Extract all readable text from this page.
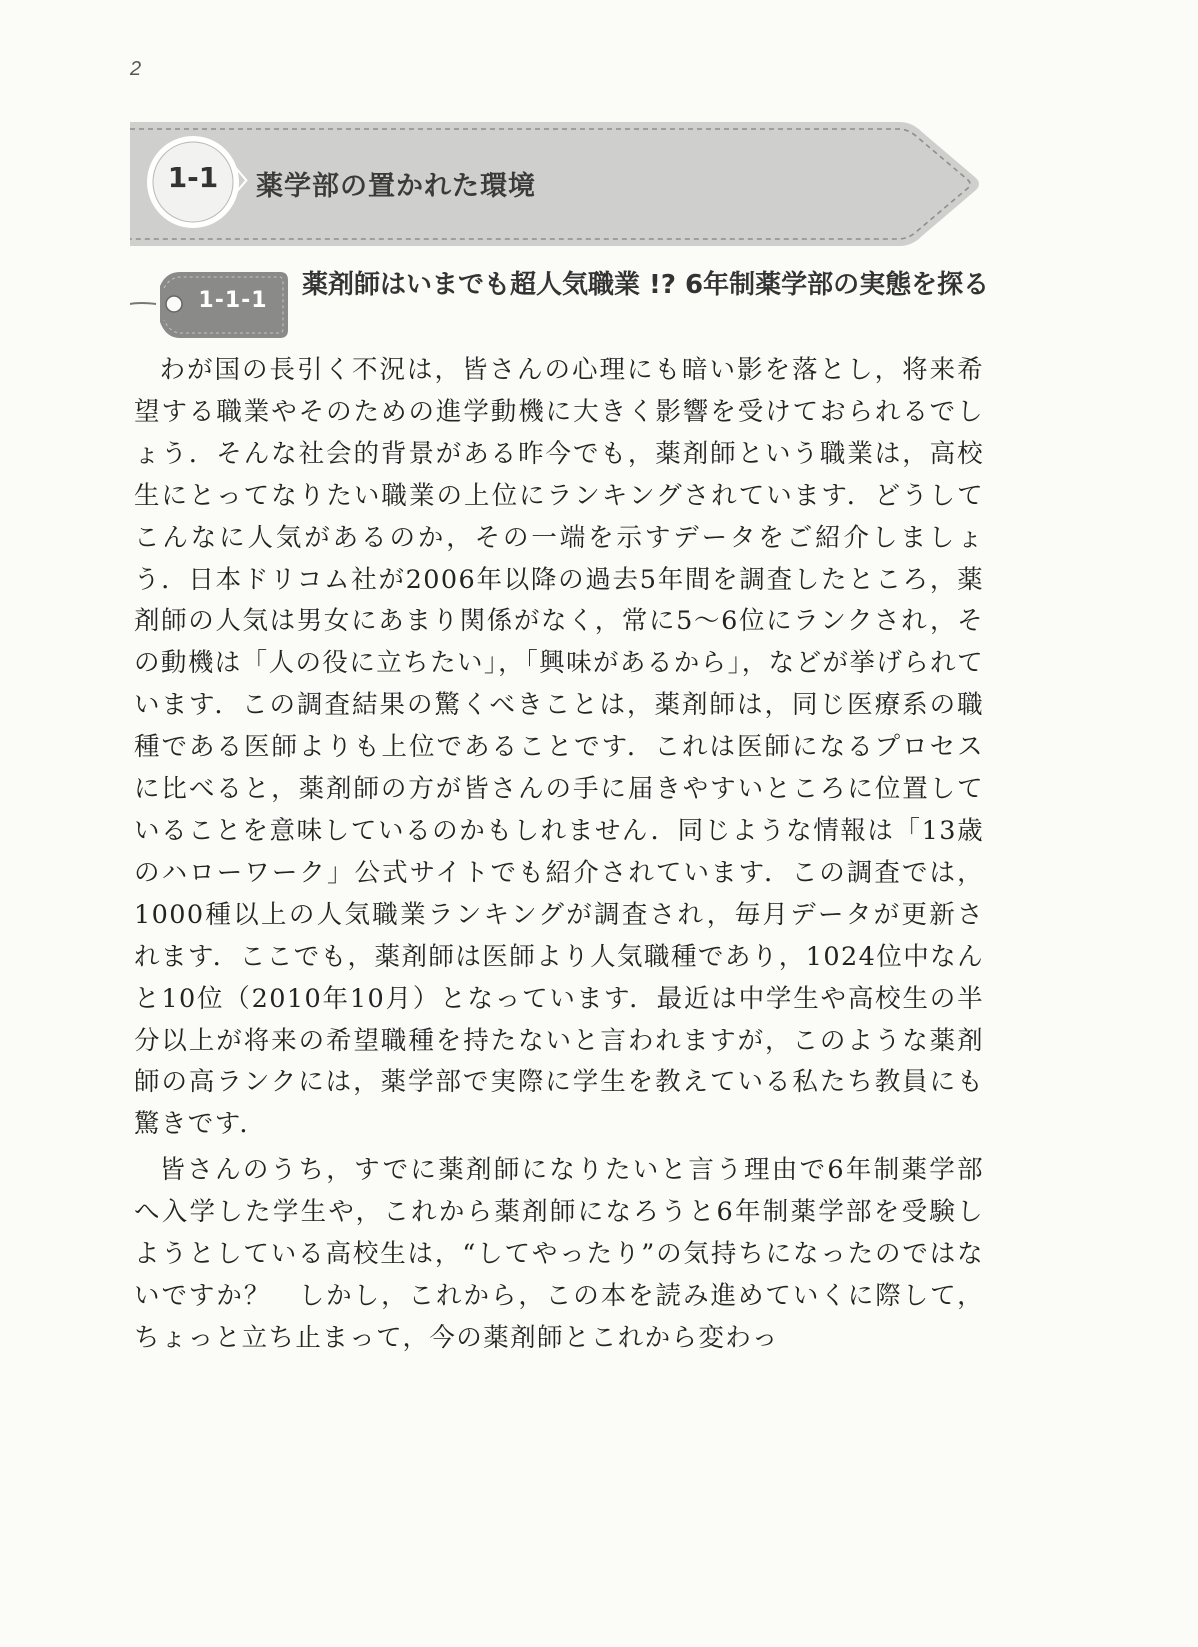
2
1-1 〉
薬学部の置かれた環境
1-1-1
薬剤師はいまでも超人気職業 !? 6年制薬学部の実態を探る

わが国の長引く不況は，皆さんの心理にも暗い影を落とし，将来希望する職業やそのための進学動機に大きく影響を受けておられるでしょう．そんな社会的背景がある昨今でも，薬剤師という職業は，高校生にとってなりたい職業の上位にランキングされています．どうしてこんなに人気があるのか，その一端を示すデータをご紹介しましょう．日本ドリコム社が2006年以降の過去5年間を調査したところ，薬剤師の人気は男女にあまり関係がなく，常に5〜6位にランクされ，その動機は「人の役に立ちたい」，「興味があるから」，などが挙げられています．この調査結果の驚くべきことは，薬剤師は，同じ医療系の職種である医師よりも上位であることです．これは医師になるプロセスに比べると，薬剤師の方が皆さんの手に届きやすいところに位置していることを意味しているのかもしれません．同じような情報は「13歳のハローワーク」公式サイトでも紹介されています．この調査では，1000種以上の人気職業ランキングが調査され，毎月データが更新されます．ここでも，薬剤師は医師より人気職種であり，1024位中なんと10位（2010年10月）となっています．最近は中学生や高校生の半分以上が将来の希望職種を持たないと言われますが，このような薬剤師の高ランクには，薬学部で実際に学生を教えている私たち教員にも驚きです．

皆さんのうち，すでに薬剤師になりたいと言う理由で6年制薬学部へ入学した学生や，これから薬剤師になろうと6年制薬学部を受験しようとしている高校生は，“してやったり”の気持ちになったのではないですか？　しかし，これから，この本を読み進めていくに際して，ちょっと立ち止まって，今の薬剤師とこれから変わっ
